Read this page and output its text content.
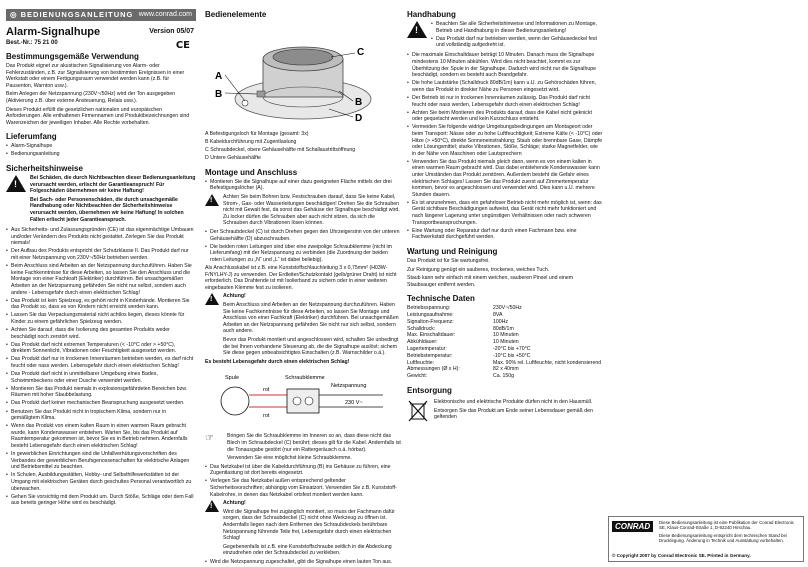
◎ BEDIENUNGSANLEITUNG www.conrad.com
Alarm-Signalhupe	Version 05/07
CE
Best.-Nr.: 75 21 00
Bestimmungsgemäße Verwendung

Das Produkt eignet zur akustischen Signalisierung von Alarm- oder Fehlerzuständen, z.B. zur Signalisierung von bestimmten Ereignissen in einer Werkstatt oder einem Fertigungsraum verwendet werden kann (z.B. für Pausenton, Warnton usw.).

Beim Anlegen der Netzspannung (230V~/50Hz) wird der Ton ausgegeben (Aktivierung z.B. über externe Ansteuerung, Relais usw.).

Dieses Produkt erfüllt die gesetzlichen nationalen und europäischen Anforderungen. Alle enthaltenen Firmennamen und Produktbezeichnungen sind Warenzeichen der jeweiligen Inhaber. Alle Rechte vorbehalten.

Lieferumfang
• Alarm-Signalhupe
• Bedienungsanleitung
Sicherheitshinweise
!

Bei Schäden, die durch Nichtbeachten dieser Bedienungsanleitung verursacht werden, erlischt der Garantieanspruch! Für Folgeschäden übernehmen wir keine Haftung!

Bei Sach- oder Personenschäden, die durch unsachgemäße Handhabung oder Nichtbeachten der Sicherheitshinweise verursacht werden, übernehmen wir keine Haftung! In solchen Fällen erlischt jeder Garantieanspruch.

• Aus Sicherheits- und Zulassungsgründen (CE) ist das eigenmächtige Umbauen und/oder Verändern des Produkts nicht gestattet. Zerlegen Sie das Produkt niemals!
• Der Aufbau des Produkts entspricht der Schutzklasse II. Das Produkt darf nur mit einer Netzspannung von 230V~/50Hz betrieben werden.
• Beim Anschluss sind Arbeiten an der Netzspannung durchzuführen. Haben Sie keine Fachkenntnisse für diese Arbeiten, so lassen Sie den Anschluss und die Montage von einer Fachkraft (Elektriker) durchführen. Bei unsachgemäßen Arbeiten an der Netzspannung gefährden Sie nicht nur selbst, sondern auch andere - Lebensgefahr durch einen elektrischen Schlag!
• Das Produkt ist kein Spielzeug, es gehört nicht in Kinderhände. Montieren Sie das Produkt so, dass es von Kindern nicht erreicht werden kann.
• Lassen Sie das Verpackungsmaterial nicht achtlos liegen, dieses könnte für Kinder zu einem gefährlichen Spielzeug werden.
• Achten Sie darauf, dass die Isolierung des gesamten Produkts weder beschädigt noch zerstört wird.
• Das Produkt darf nicht extremen Temperaturen (< -10°C oder > +50°C), direktem Sonnenlicht, Vibrationen oder Feuchtigkeit ausgesetzt werden.
• Das Produkt darf nur in trockenen Innenräumen betrieben werden, es darf nicht feucht oder nass werden. Lebensgefahr durch einen elektrischen Schlag!
• Das Produkt darf nicht in unmittelbarer Umgebung eines Bades, Schwimmbeckens oder einer Dusche verwendet werden.
• Montieren Sie das Produkt niemals in explosionsgefährdeten Bereichen bzw. Räumen mit hoher Staubbelastung.
• Das Produkt darf keiner mechanischen Beanspruchung ausgesetzt werden.
• Benutzen Sie das Produkt nicht in tropischem Klima, sondern nur in gemäßigtem Klima.
• Wenn das Produkt von einem kalten Raum in einen warmen Raum gebracht wurde, kann Kondenswasser entstehen. Warten Sie, bis das Produkt auf Raumtemperatur gekommen ist, bevor Sie es in Betrieb nehmen. Andernfalls besteht Lebensgefahr durch einen elektrischen Schlag!
• In gewerblichen Einrichtungen sind die Unfallverhütungsvorschriften des Verbandes der gewerblichen Berufsgenossenschaften für elektrische Anlagen und Betriebsmittel zu beachten.
• In Schulen, Ausbildungsstätten, Hobby- und Selbsthilfewerkstätten ist der Umgang mit elektrischen Geräten durch geschultes Personal verantwortlich zu überwachen.
• Gehen Sie vorsichtig mit dem Produkt um. Durch Stöße, Schläge oder dem Fall aus bereits geringer Höhe wird es beschädigt.
Bedienelemente
A
B
C
B
D
A Befestigungsloch für Montage (gesamt: 3x)
B Kabeldurchführung mit Zugentlastung
C Schraubdeckel, obere Gehäusehälfte mit Schallaustrittsöffnung
D Untere Gehäusehälfte
Montage und Anschluss
• Montieren Sie die Signalhupe auf einer dazu geeigneten Fläche mittels der drei Befestigungslöcher (A).
! Achten Sie beim Bohren bzw. Festschrauben darauf, dass Sie keine Kabel, Strom-, Gas- oder Wasserleitungen beschädigen! Drehen Sie die Schrauben nicht mit Gewalt fest, da sonst das Gehäuse der Signalhupe beschädigt wird. Zu locker dürfen die Schrauben aber auch nicht sitzen, da sich die Schrauben durch Vibrationen lösen können.

• Der Schraubdeckel (C) ist durch Drehen gegen den Uhrzeigersinn von der unteren Gehäusehälfte (D) abzuschrauben.
• Die beiden roten Leitungen sind über eine zweipolige Schraubklemme (nicht im Lieferumfang) mit der Netzspannung zu verbinden (die Zuordnung der beiden roten Leitungen zu „N“ und „L“ ist dabei beliebig).

Als Anschlusskabel ist z.B. eine Kunststoffschlauchleitung 3 x 0,75mm² (H03W-F/NYLHY-J) zu verwenden. Der Erdleiter/Schutzkontakt (gelb/grüner Draht) ist nicht erforderlich. Das Drahtende ist mit Isolierband zu sichern oder in einer weiteren eingebauten Klemme fest zu isolieren.

! Achtung!

Beim Anschluss sind Arbeiten an der Netzspannung durchzuführen. Haben Sie keine Fachkenntnisse für diese Arbeiten, so lassen Sie Montage und Anschluss von einer Fachkraft (Elektriker) durchführen. Bei unsachgemäßen Arbeiten an der Netzspannung gefährden Sie nicht nur sich selbst, sondern auch andere.

Bevor das Produkt montiert und angeschlossen wird, schalten Sie unbedingt die bei Ihnen vorhandene Steuerung ab, die die Signalhupe auslöst; sichern Sie diese gegen unbeabsichtigtes Einschalten (z.B. Warnschilder o.ä.).

Es besteht Lebensgefahr durch einen elektrischen Schlag!

Spule
rot
rot
Schraubklemme
Netzspannung
230 V~
☞	Bringen Sie die Schraubklemme im Inneren so an, dass diese nicht das Blech im Schraubdeckel (C) berührt; dieses gilt für die Kabel. Andernfalls ist die Tonausgabe gestört (nur ein Rattergeräusch o.ä. hörbar).

Verwenden Sie eine möglichst kleine Schraubklemme.

• Das Netzkabel ist über die Kabeldurchführung (B) ins Gehäuse zu führen, eine Zugentlastung ist dort bereits eingesetzt.
• Verlegen Sie das Netzkabel außen entsprechend geltender Sicherheitsvorschriften; abhängig vom Einsatzort. Verwenden Sie z.B. Kunststoff-Kabelrohre, in denen das Netzkabel ortsfest montiert werden kann.
! Achtung!

Wird die Signalhupe frei zugänglich montiert, so muss der Fachmann dafür sorgen, dass der Schraubdeckel (C) nicht ohne Werkzeug zu öffnen ist. Andernfalls liegen nach dem Entfernen des Schraubdeckels berührbare Netzspannung führende Teile frei, Lebensgefahr durch einen elektrischen Schlag!

Gegebenenfalls ist z.B. eine Kunststoffschraube seitlich in die Abdeckung einzudrehen oder der Schraubdeckel zu verkleben.

• Wird die Netzspannung zugeschaltet, gibt die Signalhupe einen lauten Ton aus.
Handhabung
!
• Beachten Sie alle Sicherheitshinweise und Informationen zu Montage, Betrieb und Handhabung in dieser Bedienungsanleitung!
• Das Produkt darf nur betrieben werden, wenn der Gehäusedeckel fest und vollständig aufgedreht ist.
• Die maximale Einschaltdauer beträgt 10 Minuten. Danach muss die Signalhupe mindestens 10 Minuten abkühlen. Wird dies nicht beachtet, kommt es zur Überhitzung der Spule in der Signalhupe. Dadurch wird nicht nur die Signalhupe beschädigt, sondern es besteht auch Brandgefahr.
• Die hohe Lautstärke (Schalldruck 80dB/1m) kann u.U. zu Gehörschäden führen, wenn das Produkt in direkter Nähe zu Personen eingesetzt wird.
• Der Betrieb ist nur in trockenen Innenräumen zulässig. Das Produkt darf nicht feucht oder nass werden, Lebensgefahr durch einen elektrischen Schlag!
• Achten Sie beim Montieren des Produkts darauf, dass die Kabel nicht geknickt oder gequetscht werden und kein Kurzschluss entsteht.
• Vermeiden Sie folgende widrige Umgebungsbedingungen am Montageort oder beim Transport: Nässe oder zu hohe Luftfeuchtigkeit; Extreme Kälte (< -10°C) oder Hitze (> +50°C), direkte Sonneneinstrahlung; Staub oder brennbare Gase, Dämpfe oder Lösungsmittel; starke Vibrationen, Stöße, Schläge; starke Magnetfelder, wie in der Nähe von Maschinen oder Lautsprechern
• Verwenden Sie das Produkt niemals gleich dann, wenn es von einem kalten in einen warmen Raum gebracht wird. Das dabei entstehende Kondenswasser kann unter Umständen das Produkt zerstören. Außerdem besteht die Gefahr eines elektrischen Schlages! Lassen Sie das Produkt zuerst auf Zimmertemperatur kommen, bevor es angeschlossen und verwendet wird. Dies kann u.U. mehrere Stunden dauern.
• Es ist anzunehmen, dass ein gefahrloser Betrieb nicht mehr möglich ist, wenn: das Gerät sichtbare Beschädigungen aufweist, das Gerät nicht mehr funktioniert und nach längerer Lagerung unter ungünstigen Verhältnissen oder nach schweren Transportbeanspruchungen.
• Eine Wartung oder Reparatur darf nur durch einen Fachmann bzw. eine Fachwerkstatt durchgeführt werden.
Wartung und Reinigung

Das Produkt ist für Sie wartungsfrei.

Zur Reinigung genügt ein sauberes, trockenes, weiches Tuch.

Staub kann sehr einfach mit einem weichen, sauberen Pinsel und einem Staubsauger entfernt werden.

Technische Daten
Betriebsspannung:	230V~/50Hz
Leistungsaufnahme:	8VA
Signalton-Frequenz:	100Hz
Schalldruck:	80dB/1m
Max. Einschaltdauer:	10 Minuten
Abkühldauer:	10 Minuten
Lagertemperatur:	-20°C bis +70°C
Betriebstemperatur:	-10°C bis +50°C
Luftfeuchte:	Max. 90% rel. Luftfeuchte, nicht kondensierend
Abmessungen (Ø x H):	82 x 40mm
Gewicht:	Ca. 150g
Entsorgung

Elektronische und elektrische Produkte dürfen nicht in den Hausmüll.

Entsorgen Sie das Produkt am Ende seiner Lebensdauer gemäß den geltenden

CONRAD	Diese Bedienungsanleitung ist eine Publikation der Conrad Electronic SE, Klaus-Conrad-Straße 1, D-92240 Hirschau.

Diese Bedienungsanleitung entspricht dem technischen Stand bei Drucklegung. Änderung in Technik und Ausstattung vorbehalten.

© Copyright 2007 by Conrad Electronic SE. Printed in Germany.
